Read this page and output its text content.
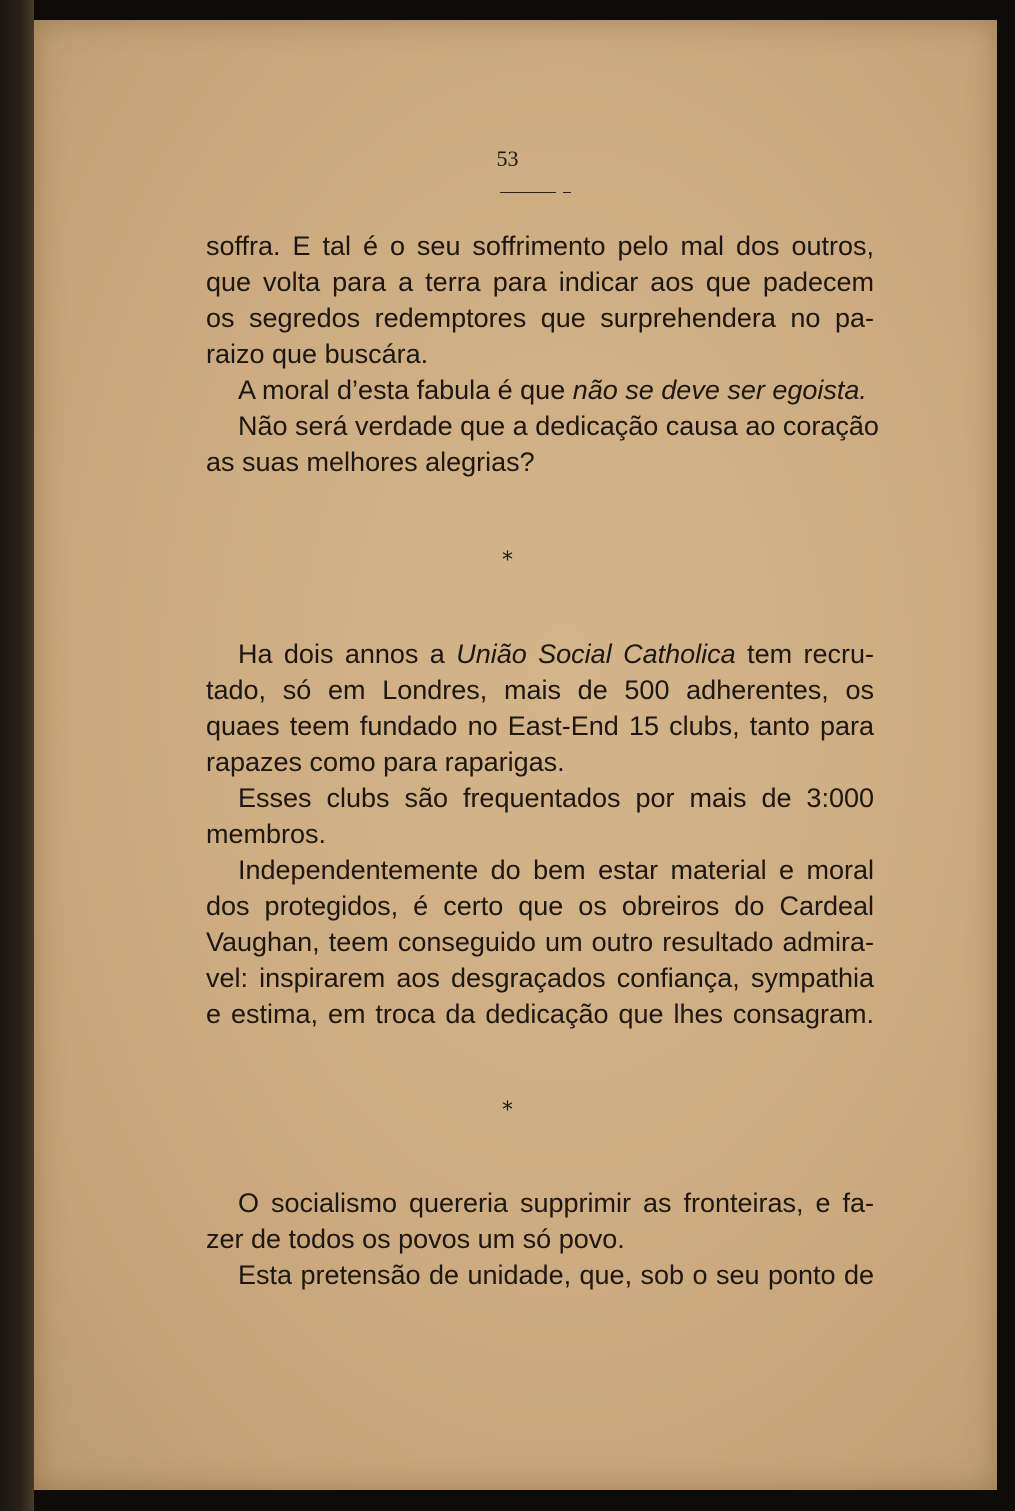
53

soffra. E tal é o seu soffrimento pelo mal dos outros,
que volta para a terra para indicar aos que padecem
os segredos redemptores que surprehendera no pa-
raizo que buscára.

A moral d’esta fabula é que não se deve ser egoista.

Não será verdade que a dedicação causa ao coração
as suas melhores alegrias?

*

Ha dois annos a União Social Catholica tem recru-
tado, só em Londres, mais de 500 adherentes, os
quaes teem fundado no East-End 15 clubs, tanto para
rapazes como para raparigas.

Esses clubs são frequentados por mais de 3:000
membros.

Independentemente do bem estar material e moral
dos protegidos, é certo que os obreiros do Cardeal
Vaughan, teem conseguido um outro resultado admira-
vel: inspirarem aos desgraçados confiança, sympathia
e estima, em troca da dedicação que lhes consagram.

*

O socialismo quereria supprimir as fronteiras, e fa-
zer de todos os povos um só povo.

Esta pretensão de unidade, que, sob o seu ponto de
